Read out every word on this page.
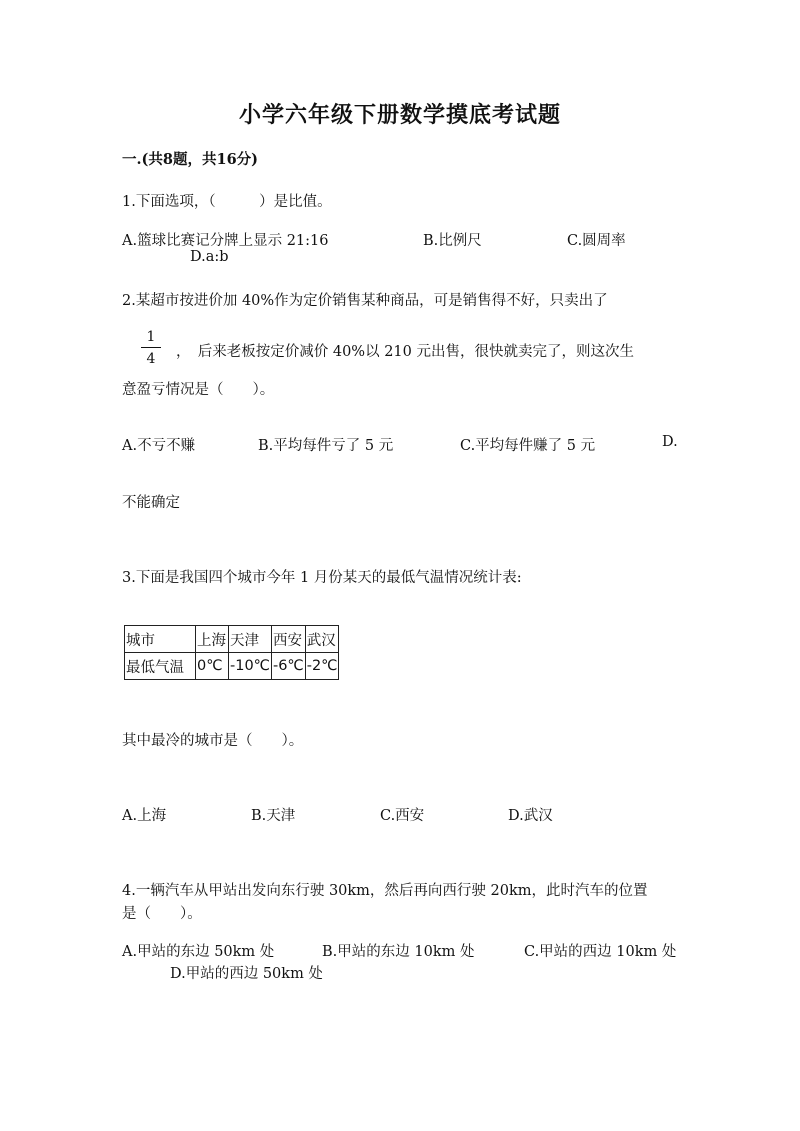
小学六年级下册数学摸底考试题
一.(共8题，共16分)
1.下面选项，（　　　）是比值。
A.篮球比赛记分牌上显示 21:16	B.比例尺	C.圆周率
D.a:b
2.某超市按进价加 40%作为定价销售某种商品，可是销售得不好，只卖出了
1
4	，　后来老板按定价减价 40%以 210 元出售，很快就卖完了，则这次生
意盈亏情况是（　　）。
A.不亏不赚	B.平均每件亏了 5 元	C.平均每件赚了 5 元	D.
不能确定
3.下面是我国四个城市今年 1 月份某天的最低气温情况统计表:
城市	上海	天津	西安	武汉
最低气温	0℃	-10℃	-6℃	-2℃
其中最冷的城市是（　　）。
A.上海	B.天津	C.西安	D.武汉
4.一辆汽车从甲站出发向东行驶 30km，然后再向西行驶 20km，此时汽车的位置
是（　　）。
A.甲站的东边 50km 处	B.甲站的东边 10km 处	C.甲站的西边 10km 处
D.甲站的西边 50km 处
